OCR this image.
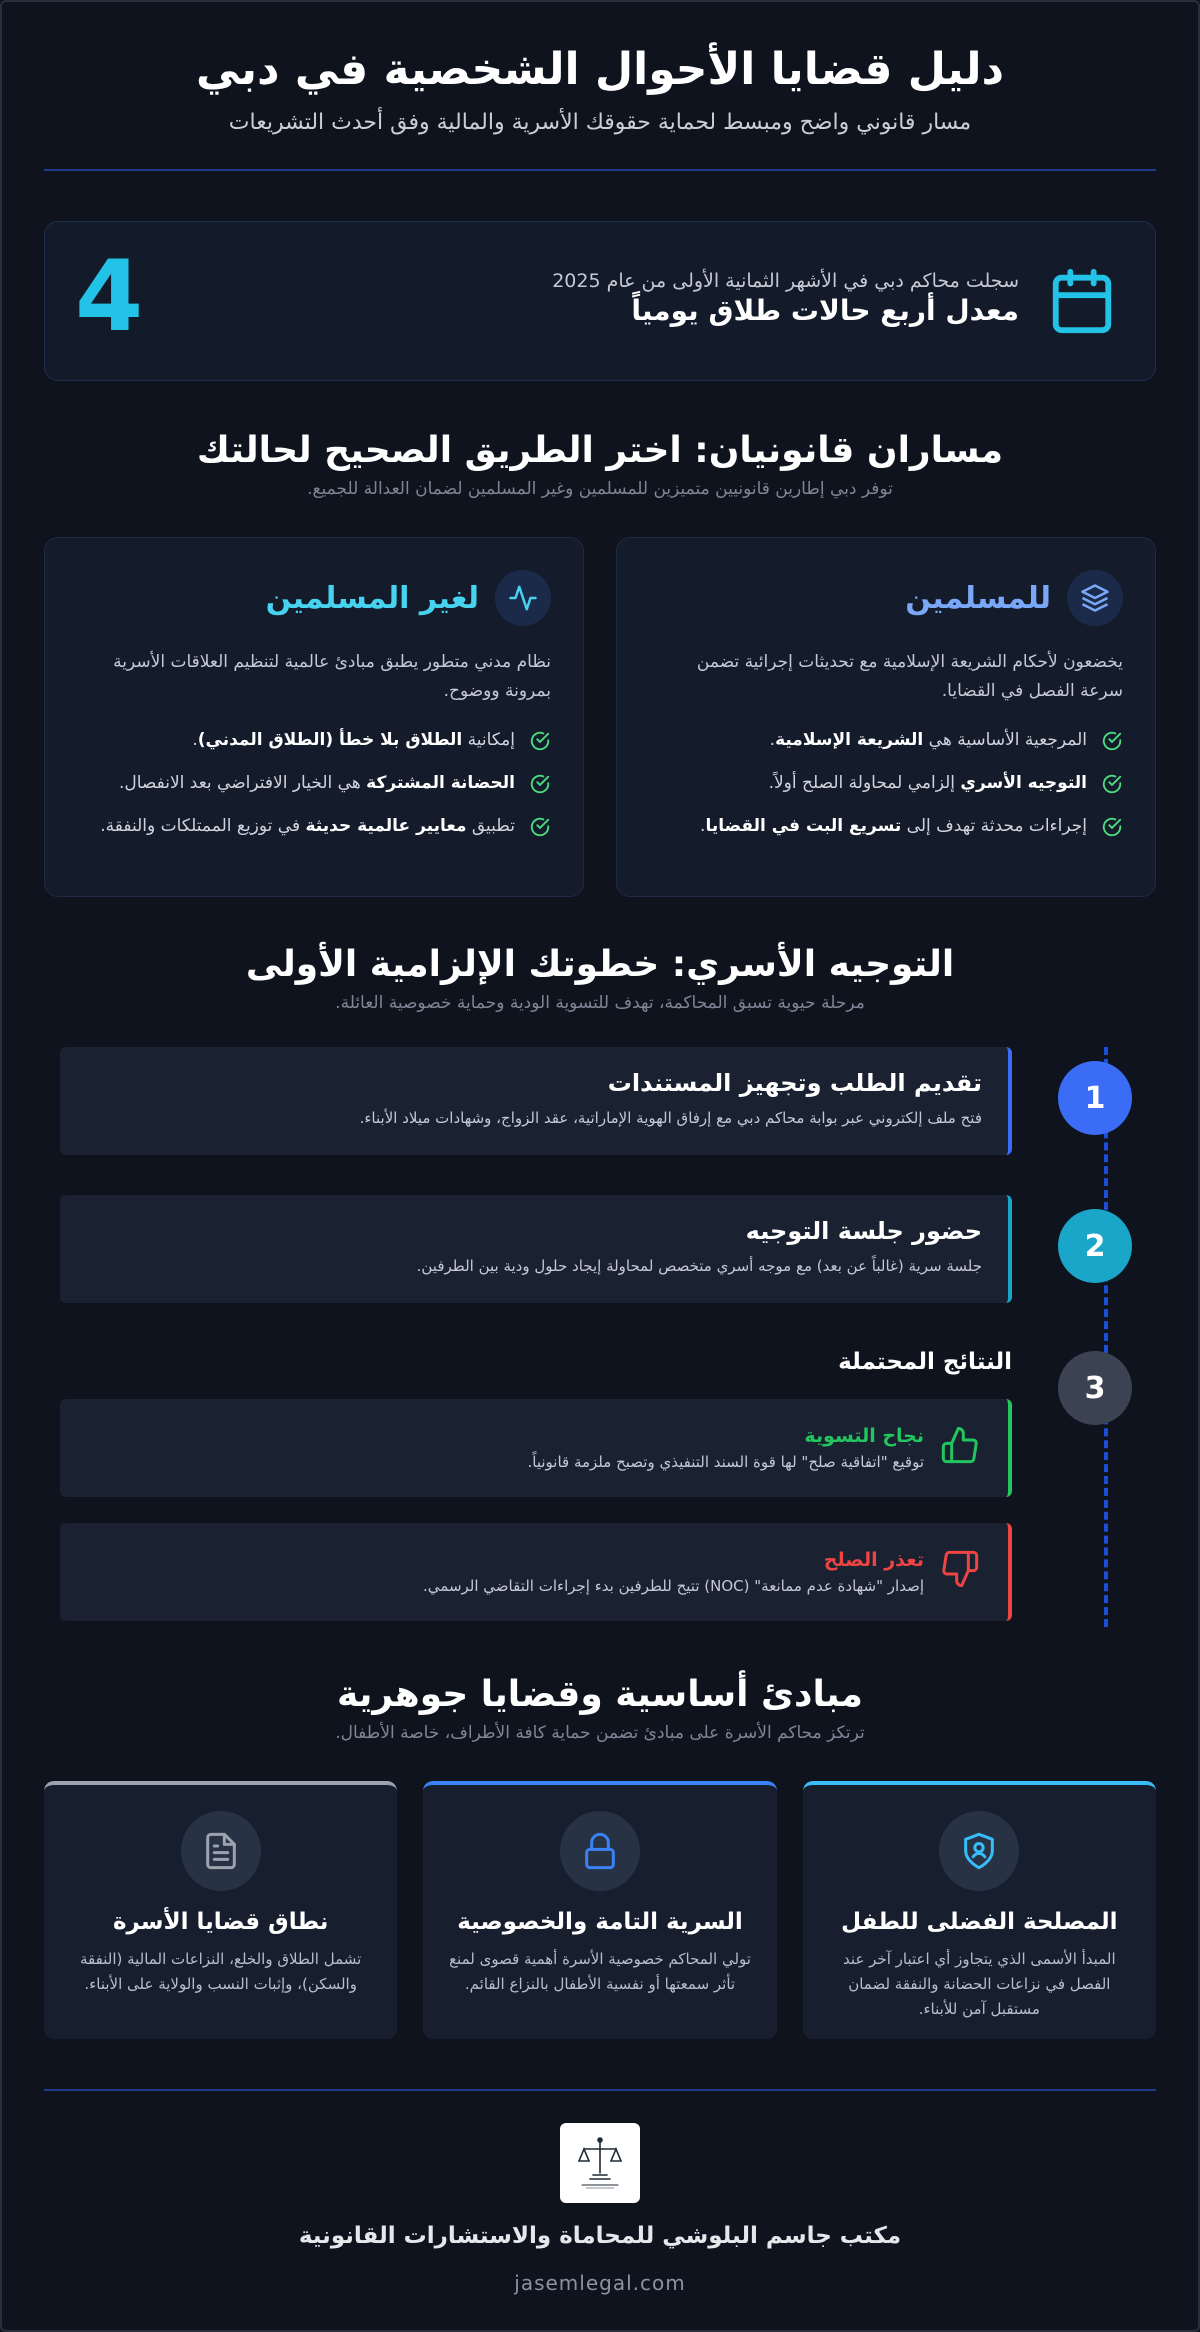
دليل قضايا الأحوال الشخصية في دبي

مسار قانوني واضح ومبسط لحماية حقوقك الأسرية والمالية وفق أحدث التشريعات

4	سجلت محاكم دبي في الأشهر الثمانية الأولى من عام 2025
معدل أربع حالات طلاق يومياً
مساران قانونيان: اختر الطريق الصحيح لحالتك

توفر دبي إطارين قانونيين متميزين للمسلمين وغير المسلمين لضمان العدالة للجميع.

للمسلمين
يخضعون لأحكام الشريعة الإسلامية مع تحديثات إجرائية تضمن سرعة الفصل في القضايا.
المرجعية الأساسية هي الشريعة الإسلامية.
التوجيه الأسري إلزامي لمحاولة الصلح أولاً.
إجراءات محدثة تهدف إلى تسريع البت في القضايا.
لغير المسلمين
نظام مدني متطور يطبق مبادئ عالمية لتنظيم العلاقات الأسرية بمرونة ووضوح.
إمكانية الطلاق بلا خطأ (الطلاق المدني).
الحضانة المشتركة هي الخيار الافتراضي بعد الانفصال.
تطبيق معايير عالمية حديثة في توزيع الممتلكات والنفقة.
التوجيه الأسري: خطوتك الإلزامية الأولى

مرحلة حيوية تسبق المحاكمة، تهدف للتسوية الودية وحماية خصوصية العائلة.

1
تقديم الطلب وتجهيز المستندات
فتح ملف إلكتروني عبر بوابة محاكم دبي مع إرفاق الهوية الإماراتية، عقد الزواج، وشهادات ميلاد الأبناء.
2
حضور جلسة التوجيه
جلسة سرية (غالباً عن بعد) مع موجه أسري متخصص لمحاولة إيجاد حلول ودية بين الطرفين.
3
النتائج المحتملة
نجاح التسوية
توقيع "اتفاقية صلح" لها قوة السند التنفيذي وتصبح ملزمة قانونياً.
تعذر الصلح
إصدار "شهادة عدم ممانعة" (NOC) تتيح للطرفين بدء إجراءات التقاضي الرسمي.
مبادئ أساسية وقضايا جوهرية

ترتكز محاكم الأسرة على مبادئ تضمن حماية كافة الأطراف، خاصة الأطفال.

المصلحة الفضلى للطفل
المبدأ الأسمى الذي يتجاوز أي اعتبار آخر عند الفصل في نزاعات الحضانة والنفقة لضمان مستقبل آمن للأبناء.
السرية التامة والخصوصية
تولي المحاكم خصوصية الأسرة أهمية قصوى لمنع تأثر سمعتها أو نفسية الأطفال بالنزاع القائم.
نطاق قضايا الأسرة
تشمل الطلاق والخلع، النزاعات المالية (النفقة والسكن)، وإثبات النسب والولاية على الأبناء.
مكتب جاسم البلوشي للمحاماة والاستشارات القانونية
jasemlegal.com
